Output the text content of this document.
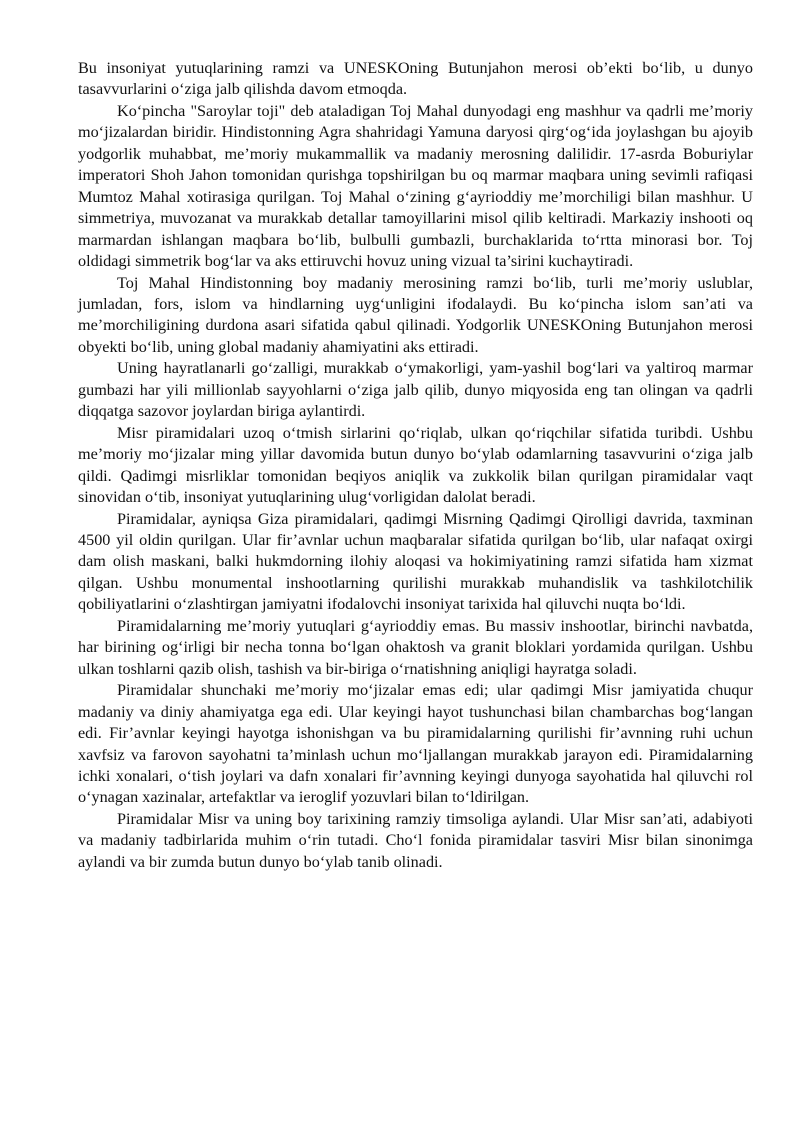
Bu insoniyat yutuqlarining ramzi va UNESKOning Butunjahon merosi ob’ekti bo‘lib, u dunyo tasavvurlarini o‘ziga jalb qilishda davom etmoqda.

Ko‘pincha "Saroylar toji" deb ataladigan Toj Mahal dunyodagi eng mashhur va qadrli me’moriy mo‘jizalardan biridir. Hindistonning Agra shahridagi Yamuna daryosi qirg‘og‘ida joylashgan bu ajoyib yodgorlik muhabbat, me’moriy mukammallik va madaniy merosning dalilidir. 17-asrda Boburiylar imperatori Shoh Jahon tomonidan qurishga topshirilgan bu oq marmar maqbara uning sevimli rafiqasi Mumtoz Mahal xotirasiga qurilgan. Toj Mahal o‘zining g‘ayrioddiy me’morchiligi bilan mashhur. U simmetriya, muvozanat va murakkab detallar tamoyillarini misol qilib keltiradi. Markaziy inshooti oq marmardan ishlangan maqbara bo‘lib, bulbulli gumbazli, burchaklarida to‘rtta minorasi bor. Toj oldidagi simmetrik bog‘lar va aks ettiruvchi hovuz uning vizual ta’sirini kuchaytiradi.

Toj Mahal Hindistonning boy madaniy merosining ramzi bo‘lib, turli me’moriy uslublar, jumladan, fors, islom va hindlarning uyg‘unligini ifodalaydi. Bu ko‘pincha islom san’ati va me’morchiligining durdona asari sifatida qabul qilinadi. Yodgorlik UNESKOning Butunjahon merosi obyekti bo‘lib, uning global madaniy ahamiyatini aks ettiradi.

Uning hayratlanarli go‘zalligi, murakkab o‘ymakorligi, yam-yashil bog‘lari va yaltiroq marmar gumbazi har yili millionlab sayyohlarni o‘ziga jalb qilib, dunyo miqyosida eng tan olingan va qadrli diqqatga sazovor joylardan biriga aylantirdi.

Misr piramidalari uzoq o‘tmish sirlarini qo‘riqlab, ulkan qo‘riqchilar sifatida turibdi. Ushbu me’moriy mo‘jizalar ming yillar davomida butun dunyo bo‘ylab odamlarning tasavvurini o‘ziga jalb qildi. Qadimgi misrliklar tomonidan beqiyos aniqlik va zukkolik bilan qurilgan piramidalar vaqt sinovidan o‘tib, insoniyat yutuqlarining ulug‘vorligidan dalolat beradi.

Piramidalar, ayniqsa Giza piramidalari, qadimgi Misrning Qadimgi Qirolligi davrida, taxminan 4500 yil oldin qurilgan. Ular fir’avnlar uchun maqbaralar sifatida qurilgan bo‘lib, ular nafaqat oxirgi dam olish maskani, balki hukmdorning ilohiy aloqasi va hokimiyatining ramzi sifatida ham xizmat qilgan. Ushbu monumental inshootlarning qurilishi murakkab muhandislik va tashkilotchilik qobiliyatlarini o‘zlashtirgan jamiyatni ifodalovchi insoniyat tarixida hal qiluvchi nuqta bo‘ldi.

Piramidalarning me’moriy yutuqlari g‘ayrioddiy emas. Bu massiv inshootlar, birinchi navbatda, har birining og‘irligi bir necha tonna bo‘lgan ohaktosh va granit bloklari yordamida qurilgan. Ushbu ulkan toshlarni qazib olish, tashish va bir-biriga o‘rnatishning aniqligi hayratga soladi.

Piramidalar shunchaki me’moriy mo‘jizalar emas edi; ular qadimgi Misr jamiyatida chuqur madaniy va diniy ahamiyatga ega edi. Ular keyingi hayot tushunchasi bilan chambarchas bog‘langan edi. Fir’avnlar keyingi hayotga ishonishgan va bu piramidalarning qurilishi fir’avnning ruhi uchun xavfsiz va farovon sayohatni ta’minlash uchun mo‘ljallangan murakkab jarayon edi. Piramidalarning ichki xonalari, o‘tish joylari va dafn xonalari fir’avnning keyingi dunyoga sayohatida hal qiluvchi rol o‘ynagan xazinalar, artefaktlar va ieroglif yozuvlari bilan to‘ldirilgan.

Piramidalar Misr va uning boy tarixining ramziy timsoliga aylandi. Ular Misr san’ati, adabiyoti va madaniy tadbirlarida muhim o‘rin tutadi. Cho‘l fonida piramidalar tasviri Misr bilan sinonimga aylandi va bir zumda butun dunyo bo‘ylab tanib olinadi.
